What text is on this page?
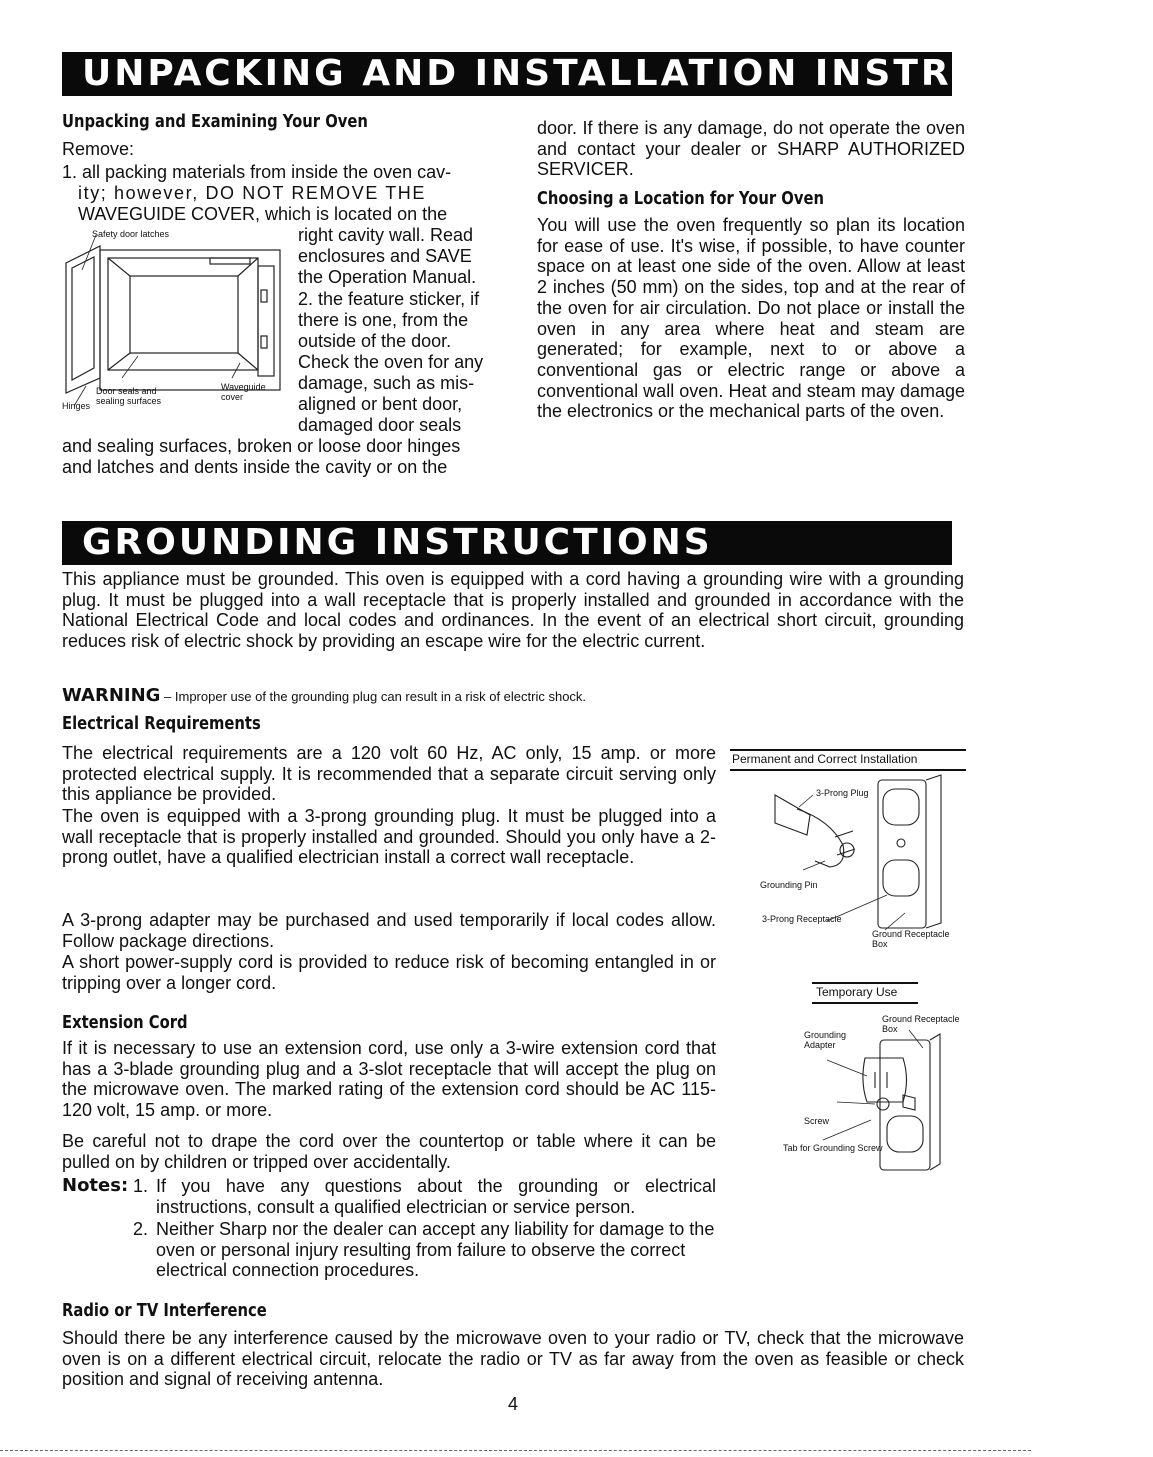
UNPACKING AND INSTALLATION INSTRUCTIONS
Unpacking and Examining Your Oven
Remove:
1. all packing materials from inside the oven cav-
ity; however, DO NOT REMOVE THE
WAVEGUIDE COVER, which is located on the
right cavity wall. Read
enclosures and SAVE
the Operation Manual.
2. the feature sticker, if
there is one, from the
outside of the door.
Check the oven for any
damage, such as mis-
aligned or bent door,
damaged door seals
and sealing surfaces, broken or loose door hinges
and latches and dents inside the cavity or on the
Safety door latches
Door seals and sealing surfaces
Waveguide cover
Hinges
door. If there is any damage, do not operate the oven and contact your dealer or SHARP AUTHORIZED SERVICER.
Choosing a Location for Your Oven
You will use the oven frequently so plan its location for ease of use. It's wise, if possible, to have counter space on at least one side of the oven. Allow at least 2 inches (50 mm) on the sides, top and at the rear of the oven for air circulation. Do not place or install the oven in any area where heat and steam are generated; for example, next to or above a conventional gas or electric range or above a conventional wall oven. Heat and steam may damage the electronics or the mechanical parts of the oven.
GROUNDING INSTRUCTIONS
This appliance must be grounded. This oven is equipped with a cord having a grounding wire with a grounding plug. It must be plugged into a wall receptacle that is properly installed and grounded in accordance with the National Electrical Code and local codes and ordinances. In the event of an electrical short circuit, grounding reduces risk of electric shock by providing an escape wire for the electric current.
WARNING – Improper use of the grounding plug can result in a risk of electric shock.
Electrical Requirements
The electrical requirements are a 120 volt 60 Hz, AC only, 15 amp. or more protected electrical supply. It is recommended that a separate circuit serving only this appliance be provided.
The oven is equipped with a 3-prong grounding plug. It must be plugged into a wall receptacle that is properly installed and grounded. Should you only have a 2-prong outlet, have a qualified electrician install a correct wall receptacle.
A 3-prong adapter may be purchased and used temporarily if local codes allow. Follow package directions.
A short power-supply cord is provided to reduce risk of becoming entangled in or tripping over a longer cord.
Permanent and Correct Installation
3-Prong Plug
Grounding Pin
3-Prong Receptacle
Ground Receptacle Box
Temporary Use
Ground Receptacle Box
Grounding Adapter
Screw
Tab for Grounding Screw
Extension Cord
If it is necessary to use an extension cord, use only a 3-wire extension cord that has a 3-blade grounding plug and a 3-slot receptacle that will accept the plug on the microwave oven. The marked rating of the extension cord should be AC 115-120 volt, 15 amp. or more.
Be careful not to drape the cord over the countertop or table where it can be pulled on by children or tripped over accidentally.
Notes: 1. If you have any questions about the grounding or electrical instructions, consult a qualified electrician or service person.
2. Neither Sharp nor the dealer can accept any liability for damage to the oven or personal injury resulting from failure to observe the correct electrical connection procedures.
Radio or TV Interference
Should there be any interference caused by the microwave oven to your radio or TV, check that the microwave oven is on a different electrical circuit, relocate the radio or TV as far away from the oven as feasible or check position and signal of receiving antenna.
4
